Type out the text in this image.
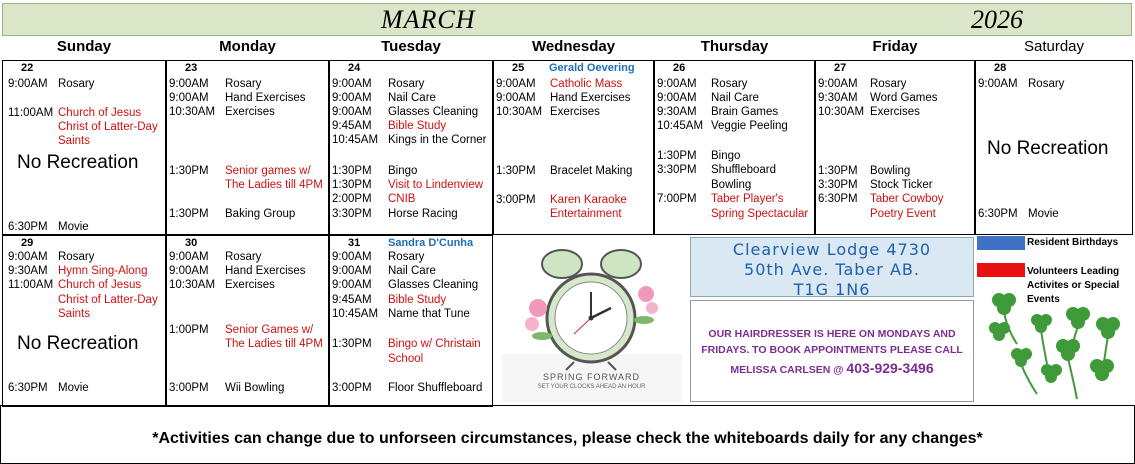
MARCH	2026
Sunday	Monday	Tuesday	Wednesday	Thursday	Friday	Saturday
22
9:00AM Rosary
11:00AM Church of Jesus
Christ of Latter-Day
Saints
No Recreation
6:30PM Movie
23
9:00AM Rosary
9:00AM Hand Exercises
10:30AM Exercises
1:30PM Senior games w/
The Ladies till 4PM
1:30PM Baking Group
24
9:00AM Rosary
9:00AM Nail Care
9:00AM Glasses Cleaning
9:45AM Bible Study
10:45AM Kings in the Corner
1:30PM Bingo
1:30PM Visit to Lindenview
2:00PM CNIB
3:30PM Horse Racing
25 Gerald Oevering
9:00AM Catholic Mass
9:00AM Hand Exercises
10:30AM Exercises
1:30PM Bracelet Making
3:00PM Karen Karaoke
Entertainment
26
9:00AM Rosary
9:00AM Nail Care
9:30AM Brain Games
10:45AM Veggie Peeling
1:30PM Bingo
3:30PM Shuffleboard
Bowling
7:00PM Taber Player's
Spring Spectacular
27
9:00AM Rosary
9:30AM Word Games
10:30AM Exercises
1:30PM Bowling
3:30PM Stock Ticker
6:30PM Taber Cowboy
Poetry Event
28
9:00AM Rosary
No Recreation
6:30PM Movie
29
9:00AM Rosary
9:30AM Hymn Sing-Along
11:00AM Church of Jesus
Christ of Latter-Day
Saints
No Recreation
6:30PM Movie
30
9:00AM Rosary
9:00AM Hand Exercises
10:30AM Exercises
1:00PM Senior Games w/
The Ladies till 4PM
3:00PM Wii Bowling
31	Sandra D'Cunha
9:00AM Rosary
9:00AM Nail Care
9:00AM Glasses Cleaning
9:45AM Bible Study
10:45AM Name that Tune
1:30PM Bingo w/ Christain
School
3:00PM Floor Shuffleboard
SPRING FORWARD
SET YOUR CLOCKS AHEAD AN HOUR
Clearview Lodge 4730
50th Ave. Taber AB.
T1G 1N6
OUR HAIRDRESSER IS HERE ON MONDAYS AND
FRIDAYS. TO BOOK APPOINTMENTS PLEASE CALL
MELISSA CARLSEN @ 403-929-3496
Resident Birthdays
Volunteers Leading
Activites or Special
Events
*Activities can change due to unforseen circumstances, please check the whiteboards daily for any changes*
